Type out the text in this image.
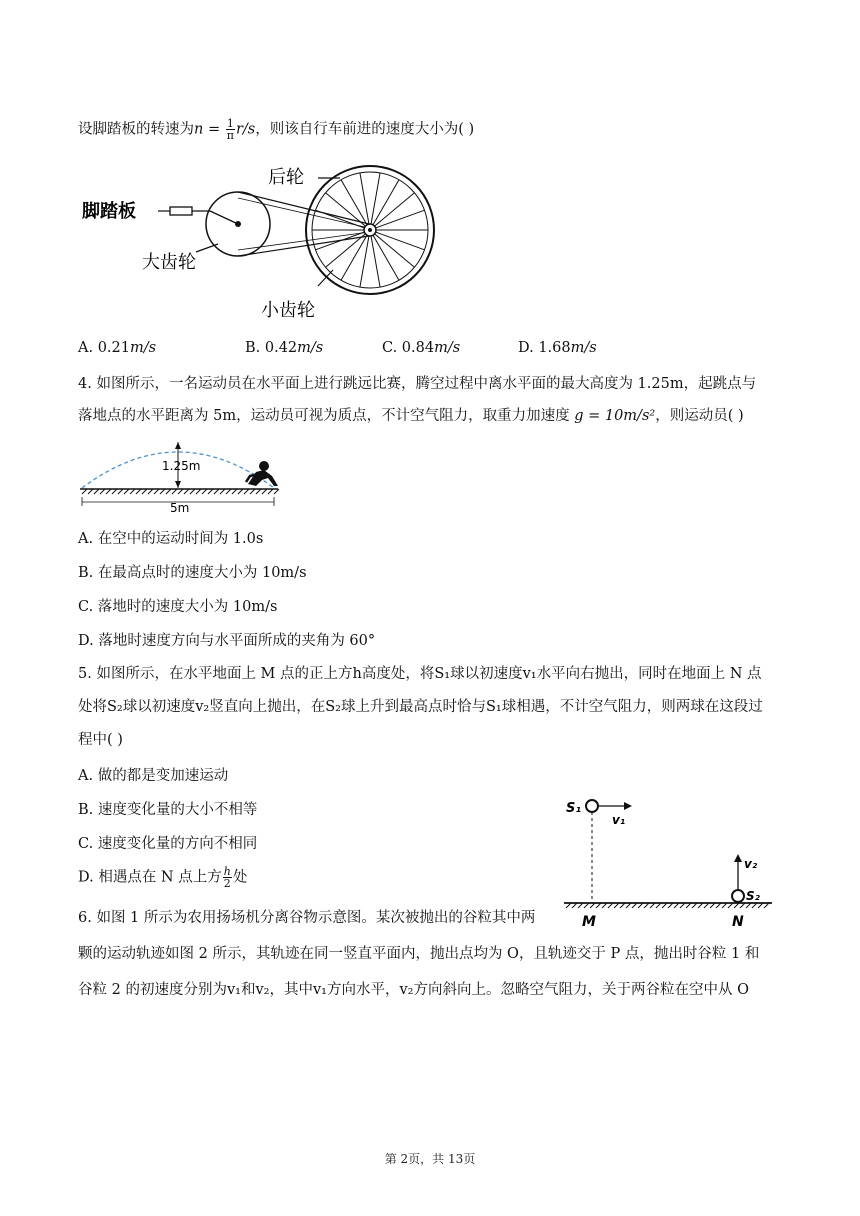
设脚踏板的转速为$n = \frac{1}{\pi} r/s$，则该自行车前进的速度大小为( )
后轮
脚踏板
大齿轮
小齿轮
A. 0.21m/s	B. 0.42m/s	C. 0.84m/s	D. 1.68m/s
4. 如图所示，一名运动员在水平面上进行跳远比赛，腾空过程中离水平面的最大高度为 1.25m，起跳点与
落地点的水平距离为 5m，运动员可视为质点，不计空气阻力，取重力加速度 g = 10m/s²，则运动员( )
1.25m
5m
A. 在空中的运动时间为 1.0s
B. 在最高点时的速度大小为 10m/s
C. 落地时的速度大小为 10m/s
D. 落地时速度方向与水平面所成的夹角为 60°
5. 如图所示，在水平地面上 M 点的正上方h高度处，将S₁球以初速度v₁水平向右抛出，同时在地面上 N 点
处将S₂球以初速度v₂竖直向上抛出，在S₂球上升到最高点时恰与S₁球相遇，不计空气阻力，则两球在这段过
程中( )
A. 做的都是变加速运动
B. 速度变化量的大小不相等
C. 速度变化量的方向不相同
D. 相遇点在 N 点上方 $\frac{h}{2}$ 处
S₁
v₁
v₂
S₂
M	N
6. 如图 1 所示为农用扬场机分离谷物示意图。某次被抛出的谷粒其中两
颗的运动轨迹如图 2 所示，其轨迹在同一竖直平面内，抛出点均为 O，且轨迹交于 P 点，抛出时谷粒 1 和
谷粒 2 的初速度分别为v₁和v₂，其中v₁方向水平，v₂方向斜向上。忽略空气阻力，关于两谷粒在空中从 O
第 2页，共 13页
